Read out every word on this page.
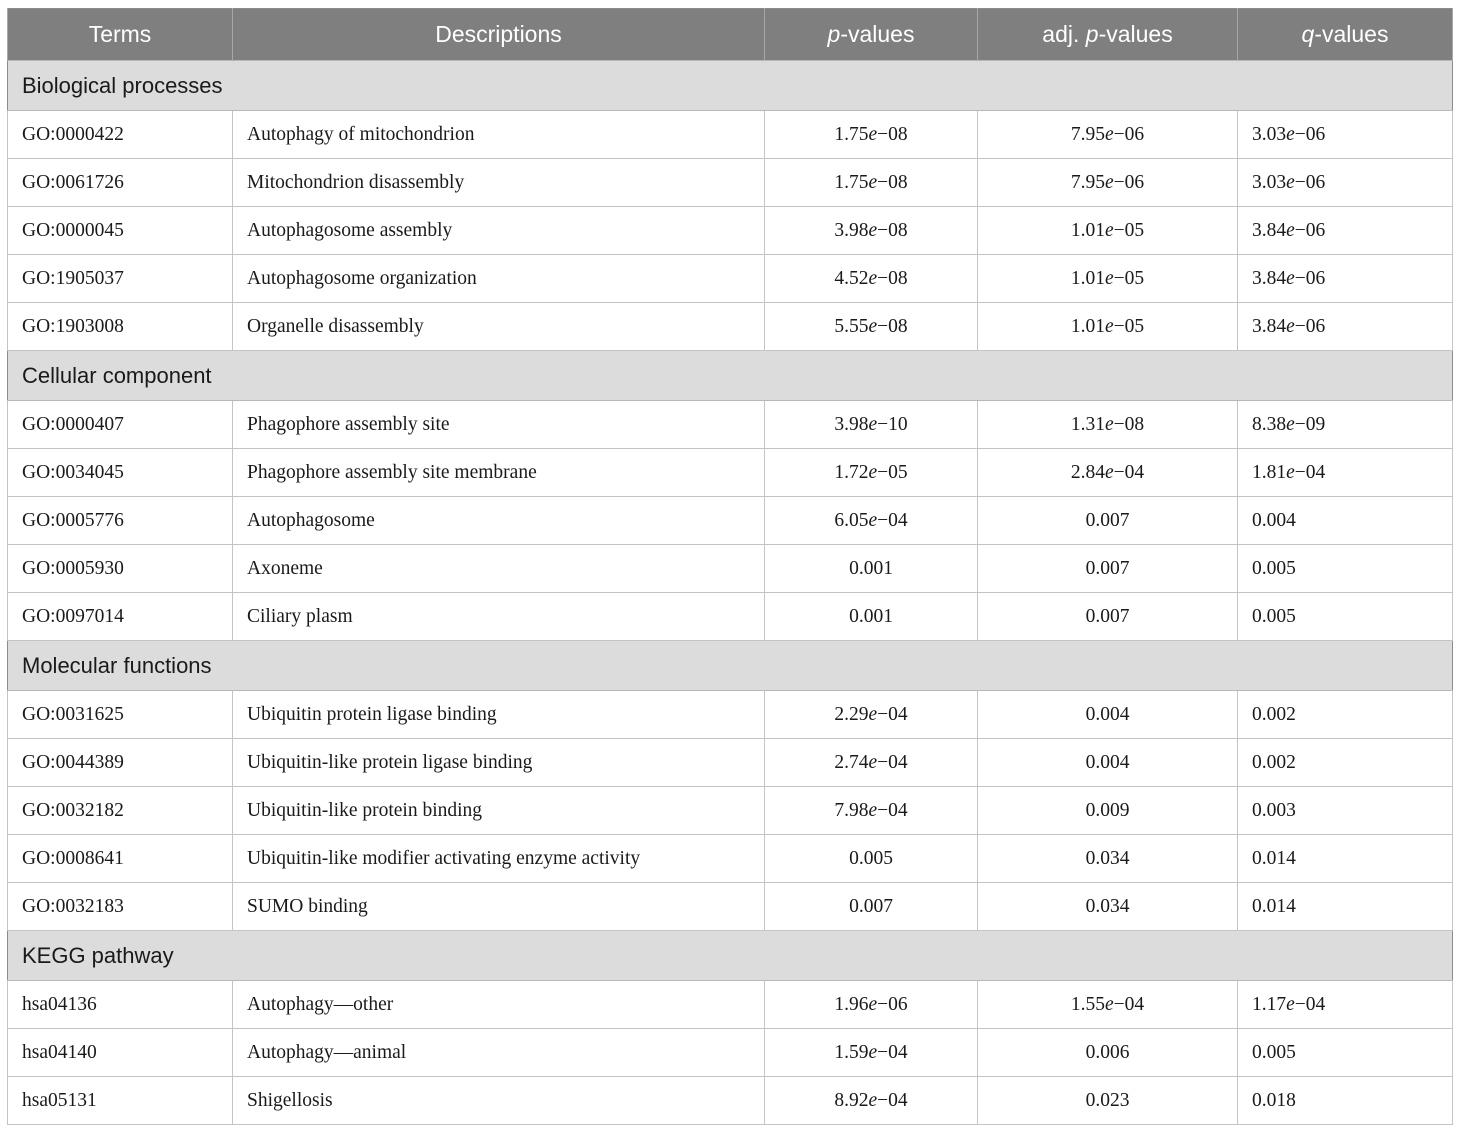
Terms	Descriptions	p-values	adj. p-values	q-values
Biological processes				
GO:0000422	Autophagy of mitochondrion	1.75e−08	7.95e−06	3.03e−06
GO:0061726	Mitochondrion disassembly	1.75e−08	7.95e−06	3.03e−06
GO:0000045	Autophagosome assembly	3.98e−08	1.01e−05	3.84e−06
GO:1905037	Autophagosome organization	4.52e−08	1.01e−05	3.84e−06
GO:1903008	Organelle disassembly	5.55e−08	1.01e−05	3.84e−06
Cellular component				
GO:0000407	Phagophore assembly site	3.98e−10	1.31e−08	8.38e−09
GO:0034045	Phagophore assembly site membrane	1.72e−05	2.84e−04	1.81e−04
GO:0005776	Autophagosome	6.05e−04	0.007	0.004
GO:0005930	Axoneme	0.001	0.007	0.005
GO:0097014	Ciliary plasm	0.001	0.007	0.005
Molecular functions				
GO:0031625	Ubiquitin protein ligase binding	2.29e−04	0.004	0.002
GO:0044389	Ubiquitin-like protein ligase binding	2.74e−04	0.004	0.002
GO:0032182	Ubiquitin-like protein binding	7.98e−04	0.009	0.003
GO:0008641	Ubiquitin-like modifier activating enzyme activity	0.005	0.034	0.014
GO:0032183	SUMO binding	0.007	0.034	0.014
KEGG pathway				
hsa04136	Autophagy—other	1.96e−06	1.55e−04	1.17e−04
hsa04140	Autophagy—animal	1.59e−04	0.006	0.005
hsa05131	Shigellosis	8.92e−04	0.023	0.018
